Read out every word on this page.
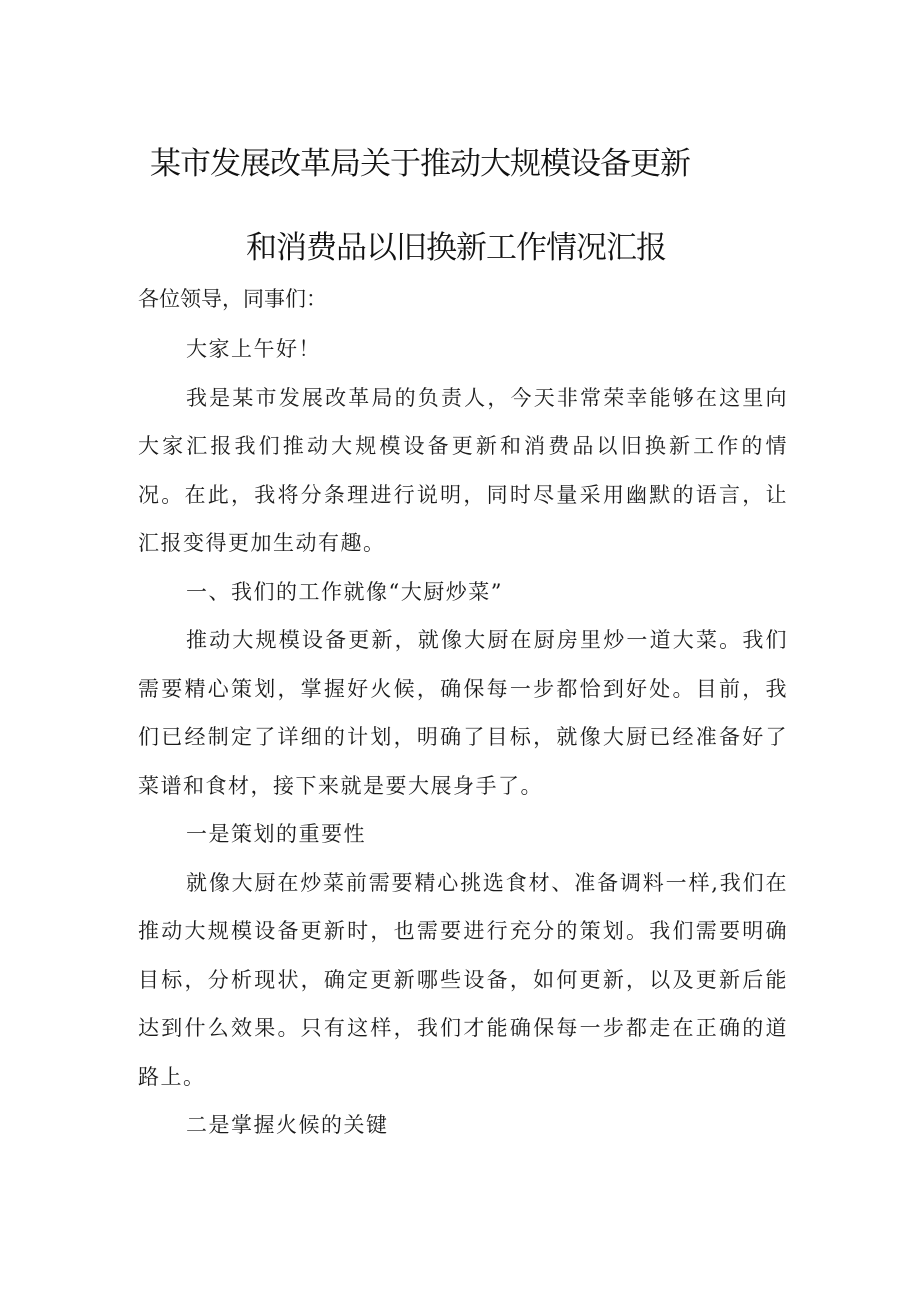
某市发展改革局关于推动大规模设备更新
和消费品以旧换新工作情况汇报
各位领导，同事们：

大家上午好！

我是某市发展改革局的负责人，今天非常荣幸能够在这里向大家汇报我们推动大规模设备更新和消费品以旧换新工作的情况。在此，我将分条理进行说明，同时尽量采用幽默的语言，让汇报变得更加生动有趣。

一、我们的工作就像“大厨炒菜”

推动大规模设备更新，就像大厨在厨房里炒一道大菜。我们需要精心策划，掌握好火候，确保每一步都恰到好处。目前，我们已经制定了详细的计划，明确了目标，就像大厨已经准备好了菜谱和食材，接下来就是要大展身手了。

一是策划的重要性

就像大厨在炒菜前需要精心挑选食材、准备调料一样,我们在推动大规模设备更新时，也需要进行充分的策划。我们需要明确目标，分析现状，确定更新哪些设备，如何更新，以及更新后能达到什么效果。只有这样，我们才能确保每一步都走在正确的道路上。

二是掌握火候的关键
